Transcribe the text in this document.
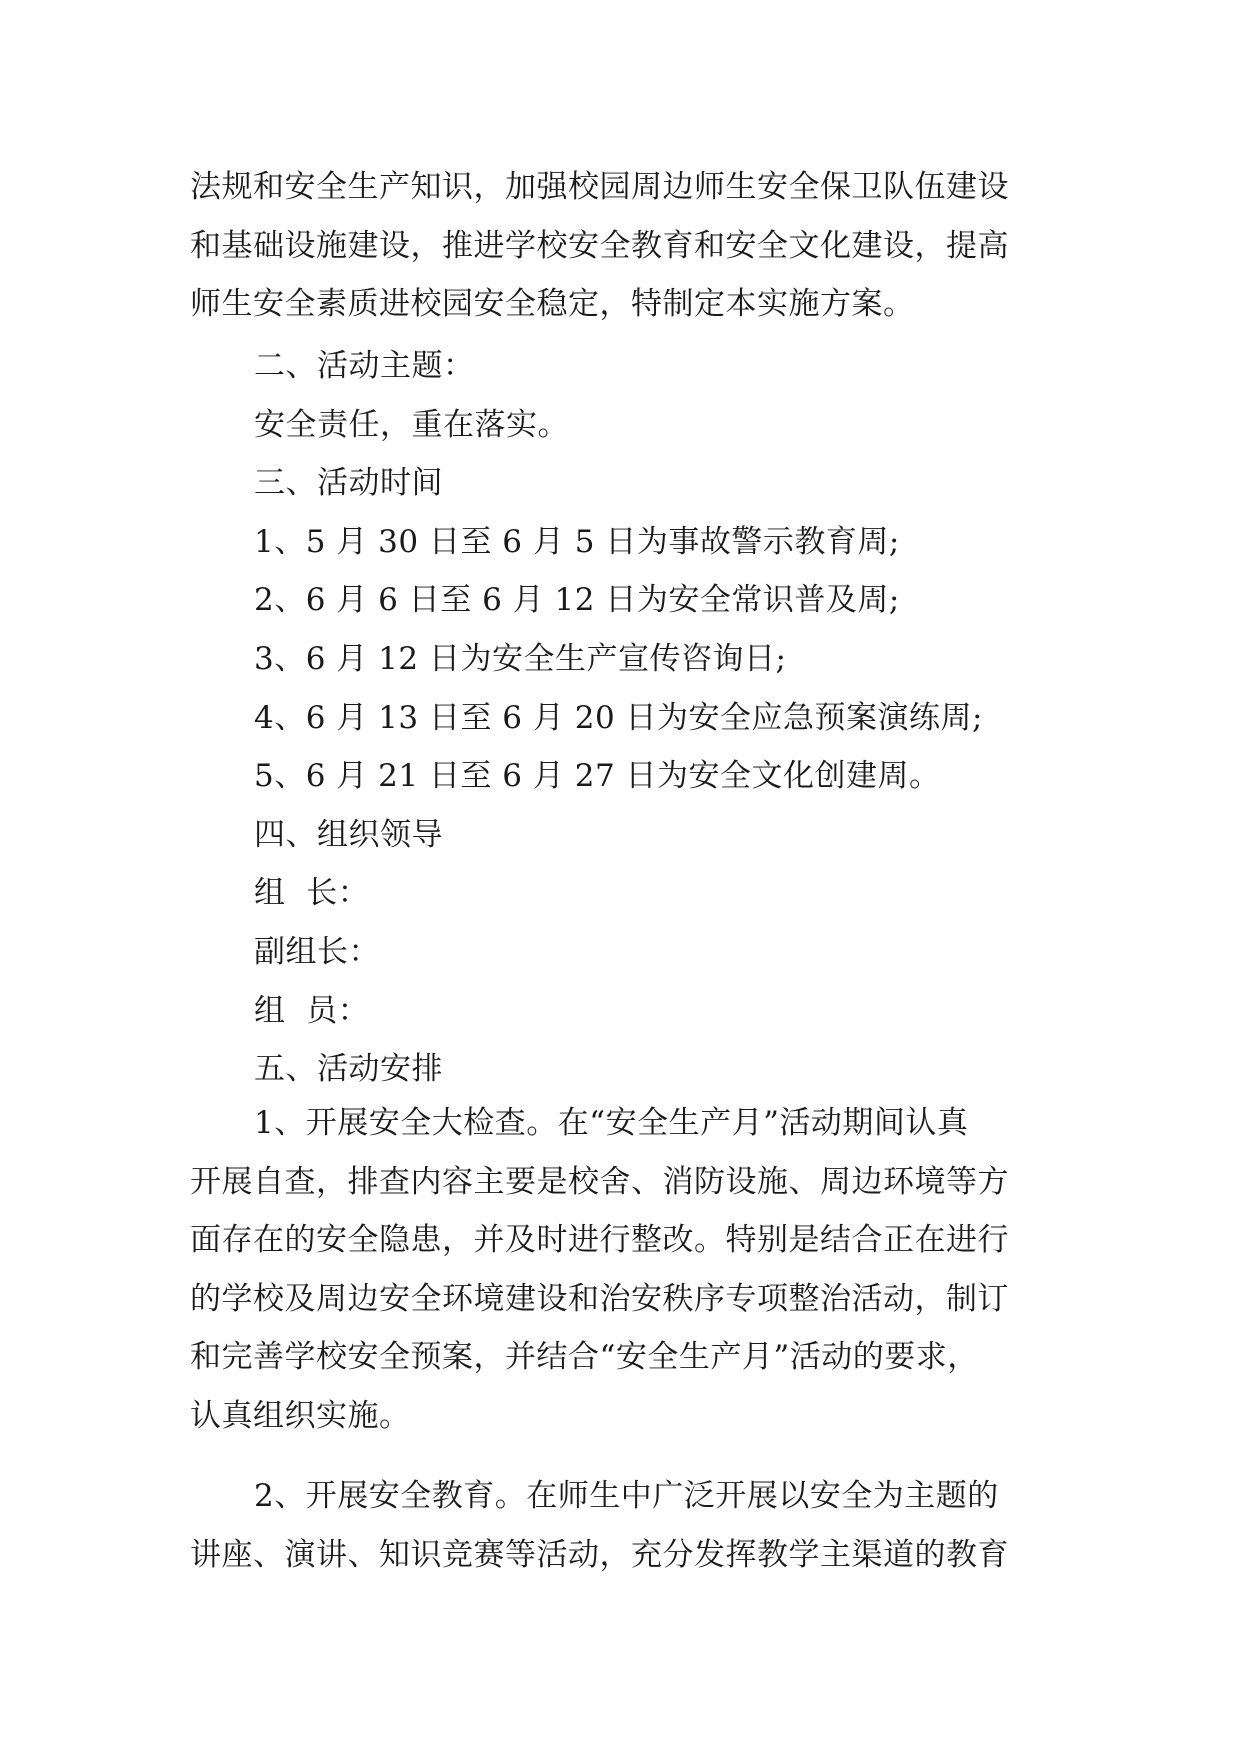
法规和安全生产知识，加强校园周边师生安全保卫队伍建设
和基础设施建设，推进学校安全教育和安全文化建设，提高
师生安全素质进校园安全稳定，特制定本实施方案。
二、活动主题：
安全责任，重在落实。
三、活动时间
1、5 月 30 日至 6 月 5 日为事故警示教育周;
2、6 月 6 日至 6 月 12 日为安全常识普及周;
3、6 月 12 日为安全生产宣传咨询日;
4、6 月 13 日至 6 月 20 日为安全应急预案演练周;
5、6 月 21 日至 6 月 27 日为安全文化创建周。
四、组织领导
组  长：
副组长：
组  员：
五、活动安排
1、开展安全大检查。在“安全生产月”活动期间认真
开展自查，排查内容主要是校舍、消防设施、周边环境等方
面存在的安全隐患，并及时进行整改。特别是结合正在进行
的学校及周边安全环境建设和治安秩序专项整治活动，制订
和完善学校安全预案，并结合“安全生产月”活动的要求，
认真组织实施。
2、开展安全教育。在师生中广泛开展以安全为主题的
讲座、演讲、知识竞赛等活动，充分发挥教学主渠道的教育
